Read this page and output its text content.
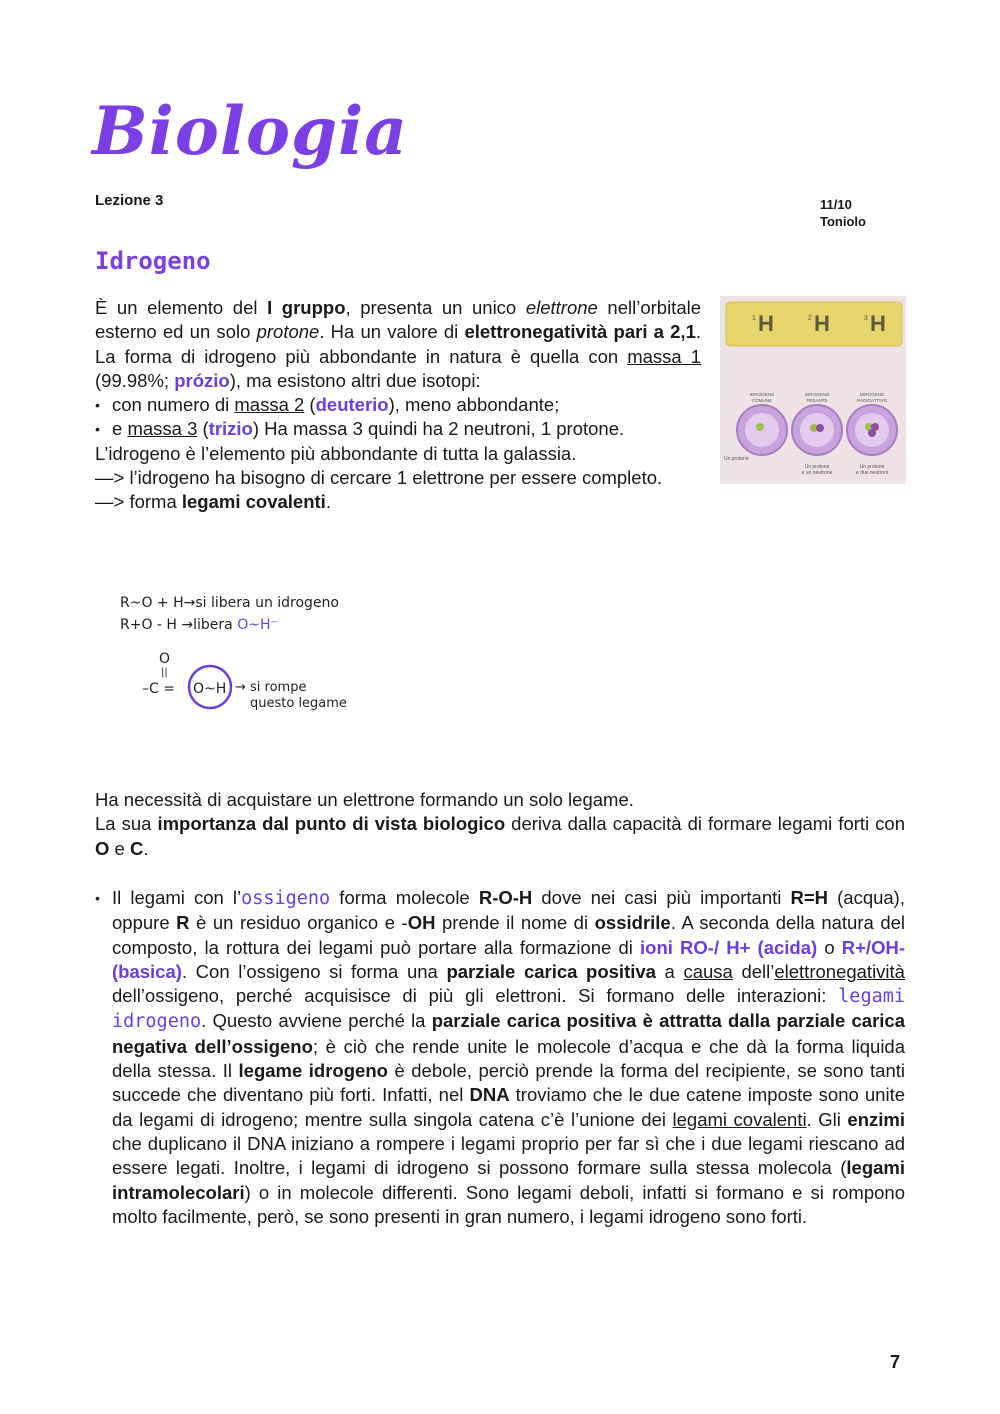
Biologia
Lezione 3	11/10
Toniolo
Idrogeno
È un elemento del I gruppo, presenta un unico elettrone nell’orbitale esterno ed un solo protone. Ha un valore di elettronegatività pari a 2,1. La forma di idrogeno più abbondante in natura è quella con massa 1 (99.98%; prózio), ma esistono altri due isotopi:
• con numero di massa 2 (deuterio), meno abbondante;
• e massa 3 (trizio) Ha massa 3 quindi ha 2 neutroni, 1 protone.
L’idrogeno è l’elemento più abbondante di tutta la galassia.
—> l’idrogeno ha bisogno di cercare 1 elettrone per essere completo.
—> forma legami covalenti.
H H H
1	2	3
IDROGENO
COMUNE
IDROGENO
PESANTE
IDROGENO
RADIOATTIVO
Un protone
Un protone
e un neutrone
Un protone
e due neutroni
R~O + H→si libera un idrogeno
R+O - H →libera O~H⁻
O
||
–C = O~H → si rompe
questo legame
Ha necessità di acquistare un elettrone formando un solo legame.
La sua importanza dal punto di vista biologico deriva dalla capacità di formare legami forti con O e C.
• Il legami con l’ossigeno forma molecole R-O-H dove nei casi più importanti R=H (acqua), oppure R è un residuo organico e -OH prende il nome di ossidrile. A seconda della natura del composto, la rottura dei legami può portare alla formazione di ioni RO-/ H+ (acida) o R+/OH- (basica). Con l’ossigeno si forma una parziale carica positiva a causa dell’elettronegatività dell’ossigeno, perché acquisisce di più gli elettroni. Si formano delle interazioni: legami idrogeno. Questo avviene perché la parziale carica positiva è attratta dalla parziale carica negativa dell’ossigeno; è ciò che rende unite le molecole d’acqua e che dà la forma liquida della stessa. Il legame idrogeno è debole, perciò prende la forma del recipiente, se sono tanti succede che diventano più forti. Infatti, nel DNA troviamo che le due catene imposte sono unite da legami di idrogeno; mentre sulla singola catena c’è l’unione dei legami covalenti. Gli enzimi che duplicano il DNA iniziano a rompere i legami proprio per far sì che i due legami riescano ad essere legati. Inoltre, i legami di idrogeno si possono formare sulla stessa molecola (legami intramolecolari) o in molecole differenti. Sono legami deboli, infatti si formano e si rompono molto facilmente, però, se sono presenti in gran numero, i legami idrogeno sono forti.
7
